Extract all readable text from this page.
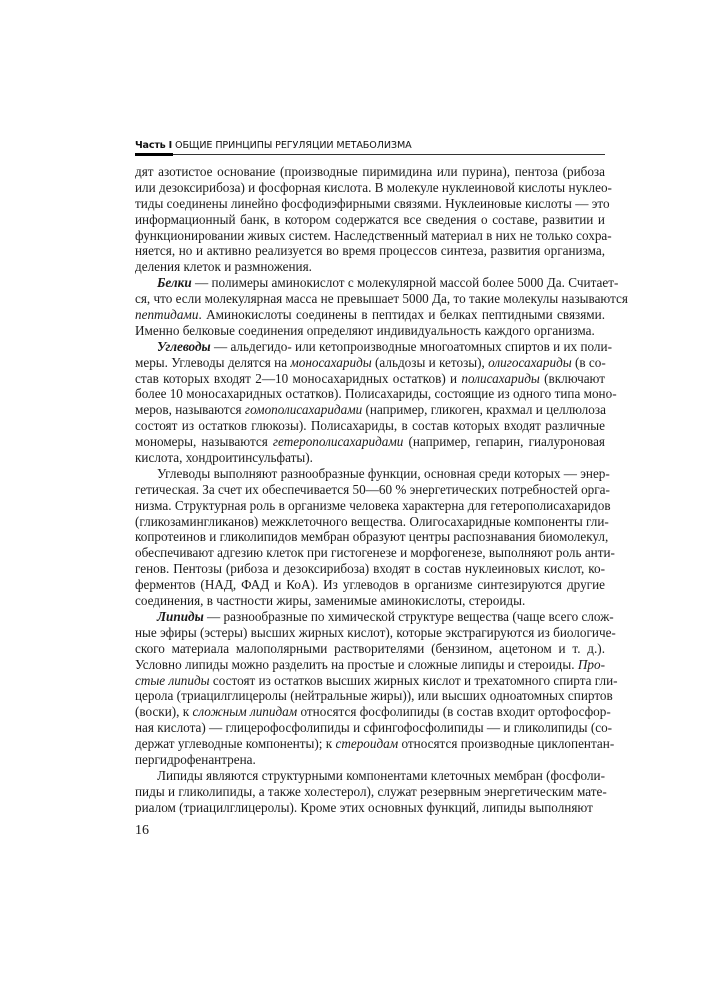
Часть I ОБЩИЕ ПРИНЦИПЫ РЕГУЛЯЦИИ МЕТАБОЛИЗМА
дят азотистое основание (производные пиримидина или пурина), пентоза (рибоза
или дезоксирибоза) и фосфорная кислота. В молекуле нуклеиновой кислоты нуклео-
тиды соединены линейно фосфодиэфирными связями. Нуклеиновые кислоты — это
информационный банк, в котором содержатся все сведения о составе, развитии и
функционировании живых систем. Наследственный материал в них не только сохра-
няется, но и активно реализуется во время процессов синтеза, развития организма,
деления клеток и размножения.
Белки — полимеры аминокислот с молекулярной массой более 5000 Да. Считает-
ся, что если молекулярная масса не превышает 5000 Да, то такие молекулы называются
пептидами. Аминокислоты соединены в пептидах и белках пептидными связями.
Именно белковые соединения определяют индивидуальность каждого организма.
Углеводы — альдегидо- или кетопроизводные многоатомных спиртов и их поли-
меры. Углеводы делятся на моносахариды (альдозы и кетозы), олигосахариды (в со-
став которых входят 2—10 моносахаридных остатков) и полисахариды (включают
более 10 моносахаридных остатков). Полисахариды, состоящие из одного типа моно-
меров, называются гомополисахаридами (например, гликоген, крахмал и целлюлоза
состоят из остатков глюкозы). Полисахариды, в состав которых входят различные
мономеры, называются гетерополисахаридами (например, гепарин, гиалуроновая
кислота, хондроитинсульфаты).
Углеводы выполняют разнообразные функции, основная среди которых — энер-
гетическая. За счет их обеспечивается 50—60 % энергетических потребностей орга-
низма. Структурная роль в организме человека характерна для гетерополисахаридов
(гликозамингликанов) межклеточного вещества. Олигосахаридные компоненты гли-
копротеинов и гликолипидов мембран образуют центры распознавания биомолекул,
обеспечивают адгезию клеток при гистогенезе и морфогенезе, выполняют роль анти-
генов. Пентозы (рибоза и дезоксирибоза) входят в состав нуклеиновых кислот, ко-
ферментов (НАД, ФАД и КоА). Из углеводов в организме синтезируются другие
соединения, в частности жиры, заменимые аминокислоты, стероиды.
Липиды — разнообразные по химической структуре вещества (чаще всего слож-
ные эфиры (эстеры) высших жирных кислот), которые экстрагируются из биологиче-
ского материала малополярными растворителями (бензином, ацетоном и т. д.).
Условно липиды можно разделить на простые и сложные липиды и стероиды. Про-
стые липиды состоят из остатков высших жирных кислот и трехатомного спирта гли-
церола (триацилглицеролы (нейтральные жиры)), или высших одноатомных спиртов
(воски), к сложным липидам относятся фосфолипиды (в состав входит ортофосфор-
ная кислота) — глицерофосфолипиды и сфингофосфолипиды — и гликолипиды (со-
держат углеводные компоненты); к стероидам относятся производные циклопентан-
пергидрофенантрена.
Липиды являются структурными компонентами клеточных мембран (фосфоли-
пиды и гликолипиды, а также холестерол), служат резервным энергетическим мате-
риалом (триацилглицеролы). Кроме этих основных функций, липиды выполняют
16
